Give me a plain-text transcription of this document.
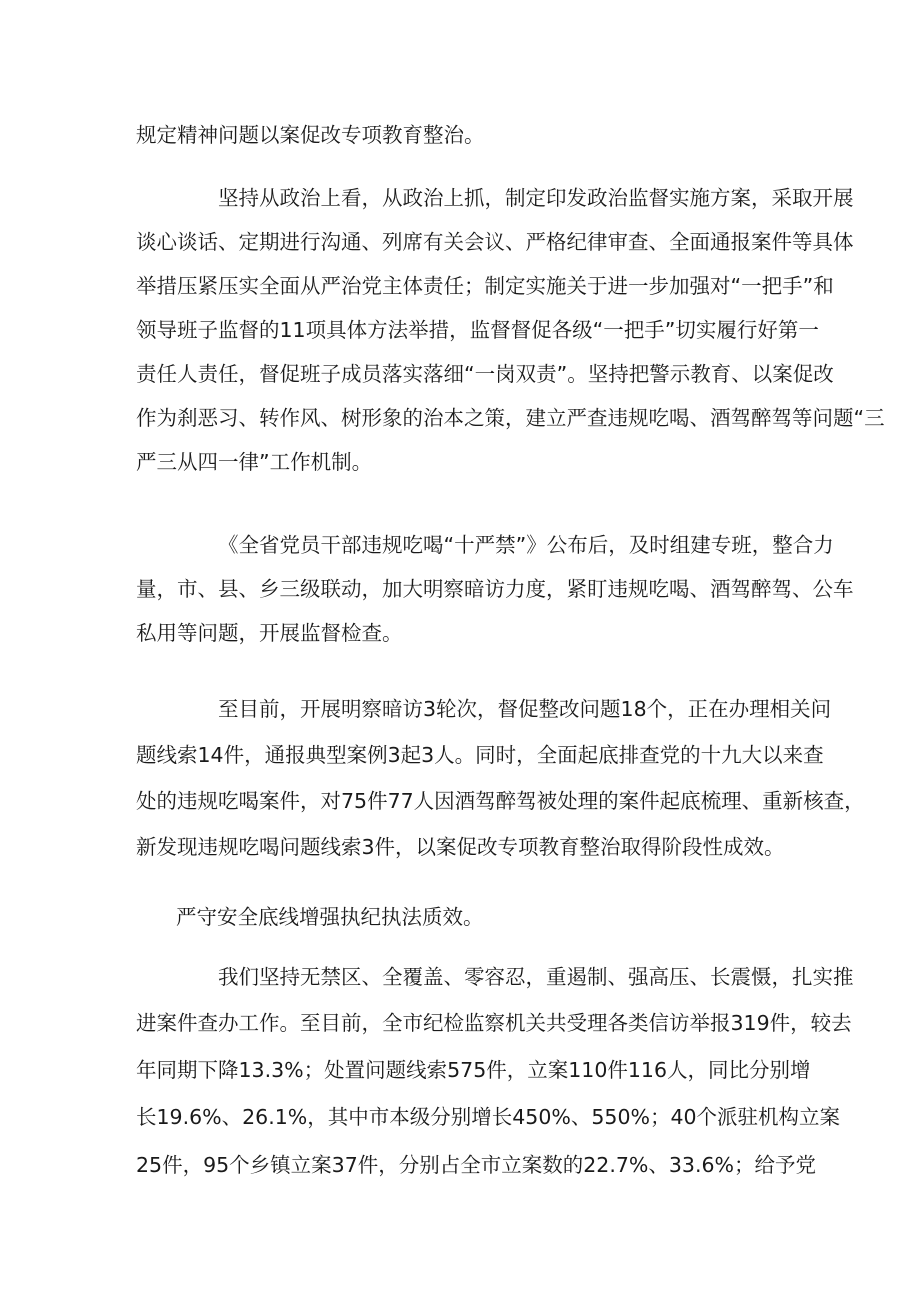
规定精神问题以案促改专项教育整治。
坚持从政治上看，从政治上抓，制定印发政治监督实施方案，采取开展
谈心谈话、定期进行沟通、列席有关会议、严格纪律审查、全面通报案件等具体
举措压紧压实全面从严治党主体责任；制定实施关于进一步加强对“一把手”和
领导班子监督的11项具体方法举措，监督督促各级“一把手”切实履行好第一
责任人责任，督促班子成员落实落细“一岗双责”。坚持把警示教育、以案促改
作为刹恶习、转作风、树形象的治本之策，建立严查违规吃喝、酒驾醉驾等问题“三
严三从四一律”工作机制。
《全省党员干部违规吃喝“十严禁”》公布后，及时组建专班，整合力
量，市、县、乡三级联动，加大明察暗访力度，紧盯违规吃喝、酒驾醉驾、公车
私用等问题，开展监督检查。
至目前，开展明察暗访3轮次，督促整改问题18个，正在办理相关问
题线索14件，通报典型案例3起3人。同时，全面起底排查党的十九大以来查
处的违规吃喝案件，对75件77人因酒驾醉驾被处理的案件起底梳理、重新核查，
新发现违规吃喝问题线索3件，以案促改专项教育整治取得阶段性成效。
严守安全底线增强执纪执法质效。
我们坚持无禁区、全覆盖、零容忍，重遏制、强高压、长震慑，扎实推
进案件查办工作。至目前，全市纪检监察机关共受理各类信访举报319件，较去
年同期下降13.3%；处置问题线索575件，立案110件116人，同比分别增
长19.6%、26.1%，其中市本级分别增长450%、550%；40个派驻机构立案
25件，95个乡镇立案37件，分别占全市立案数的22.7%、33.6%；给予党
